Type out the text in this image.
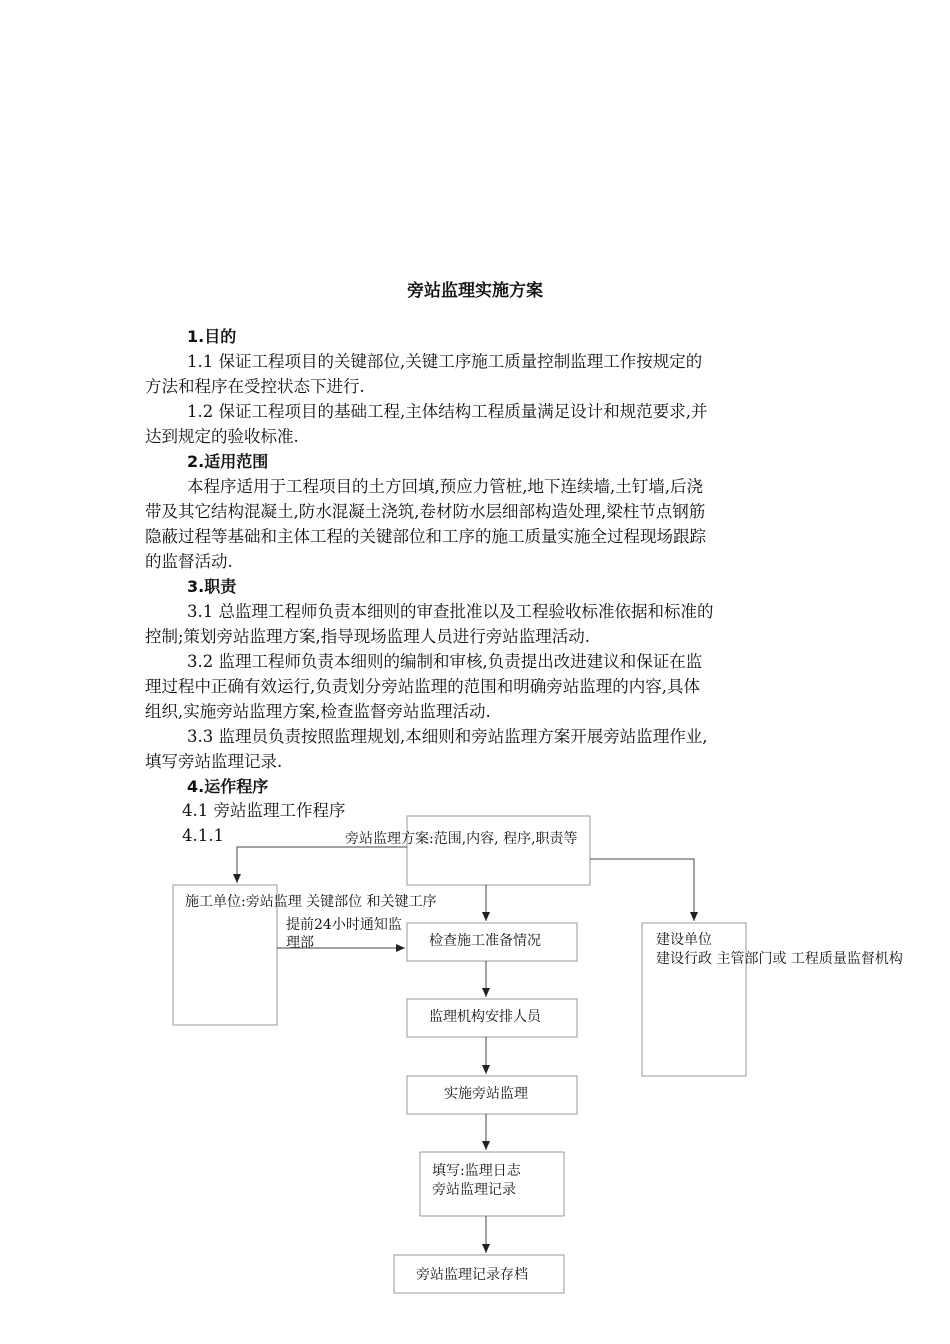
旁站监理实施方案
1.目的
1.1 保证工程项目的关键部位,关键工序施工质量控制监理工作按规定的
方法和程序在受控状态下进行.
1.2 保证工程项目的基础工程,主体结构工程质量满足设计和规范要求,并
达到规定的验收标准.
2.适用范围
本程序适用于工程项目的土方回填,预应力管桩,地下连续墙,土钉墙,后浇
带及其它结构混凝土,防水混凝土浇筑,卷材防水层细部构造处理,梁柱节点钢筋
隐蔽过程等基础和主体工程的关键部位和工序的施工质量实施全过程现场跟踪
的监督活动.
3.职责
3.1 总监理工程师负责本细则的审查批准以及工程验收标准依据和标准的
控制;策划旁站监理方案,指导现场监理人员进行旁站监理活动.
3.2 监理工程师负责本细则的编制和审核,负责提出改进建议和保证在监
理过程中正确有效运行,负责划分旁站监理的范围和明确旁站监理的内容,具体
组织,实施旁站监理方案,检查监督旁站监理活动.
3.3 监理员负责按照监理规划,本细则和旁站监理方案开展旁站监理作业,
填写旁站监理记录.
4.运作程序
4.1 旁站监理工作程序
4.1.1	旁站监理方案:范围,内容, 程序,职责等
施工单位:旁站监理 关键部位 和关键工序
提前24小时通知监
理部	检查施工准备情况	建设单位
建设行政 主管部门或 工程质量监督机构
监理机构安排人员
实施旁站监理
填写:监理日志
旁站监理记录
旁站监理记录存档
